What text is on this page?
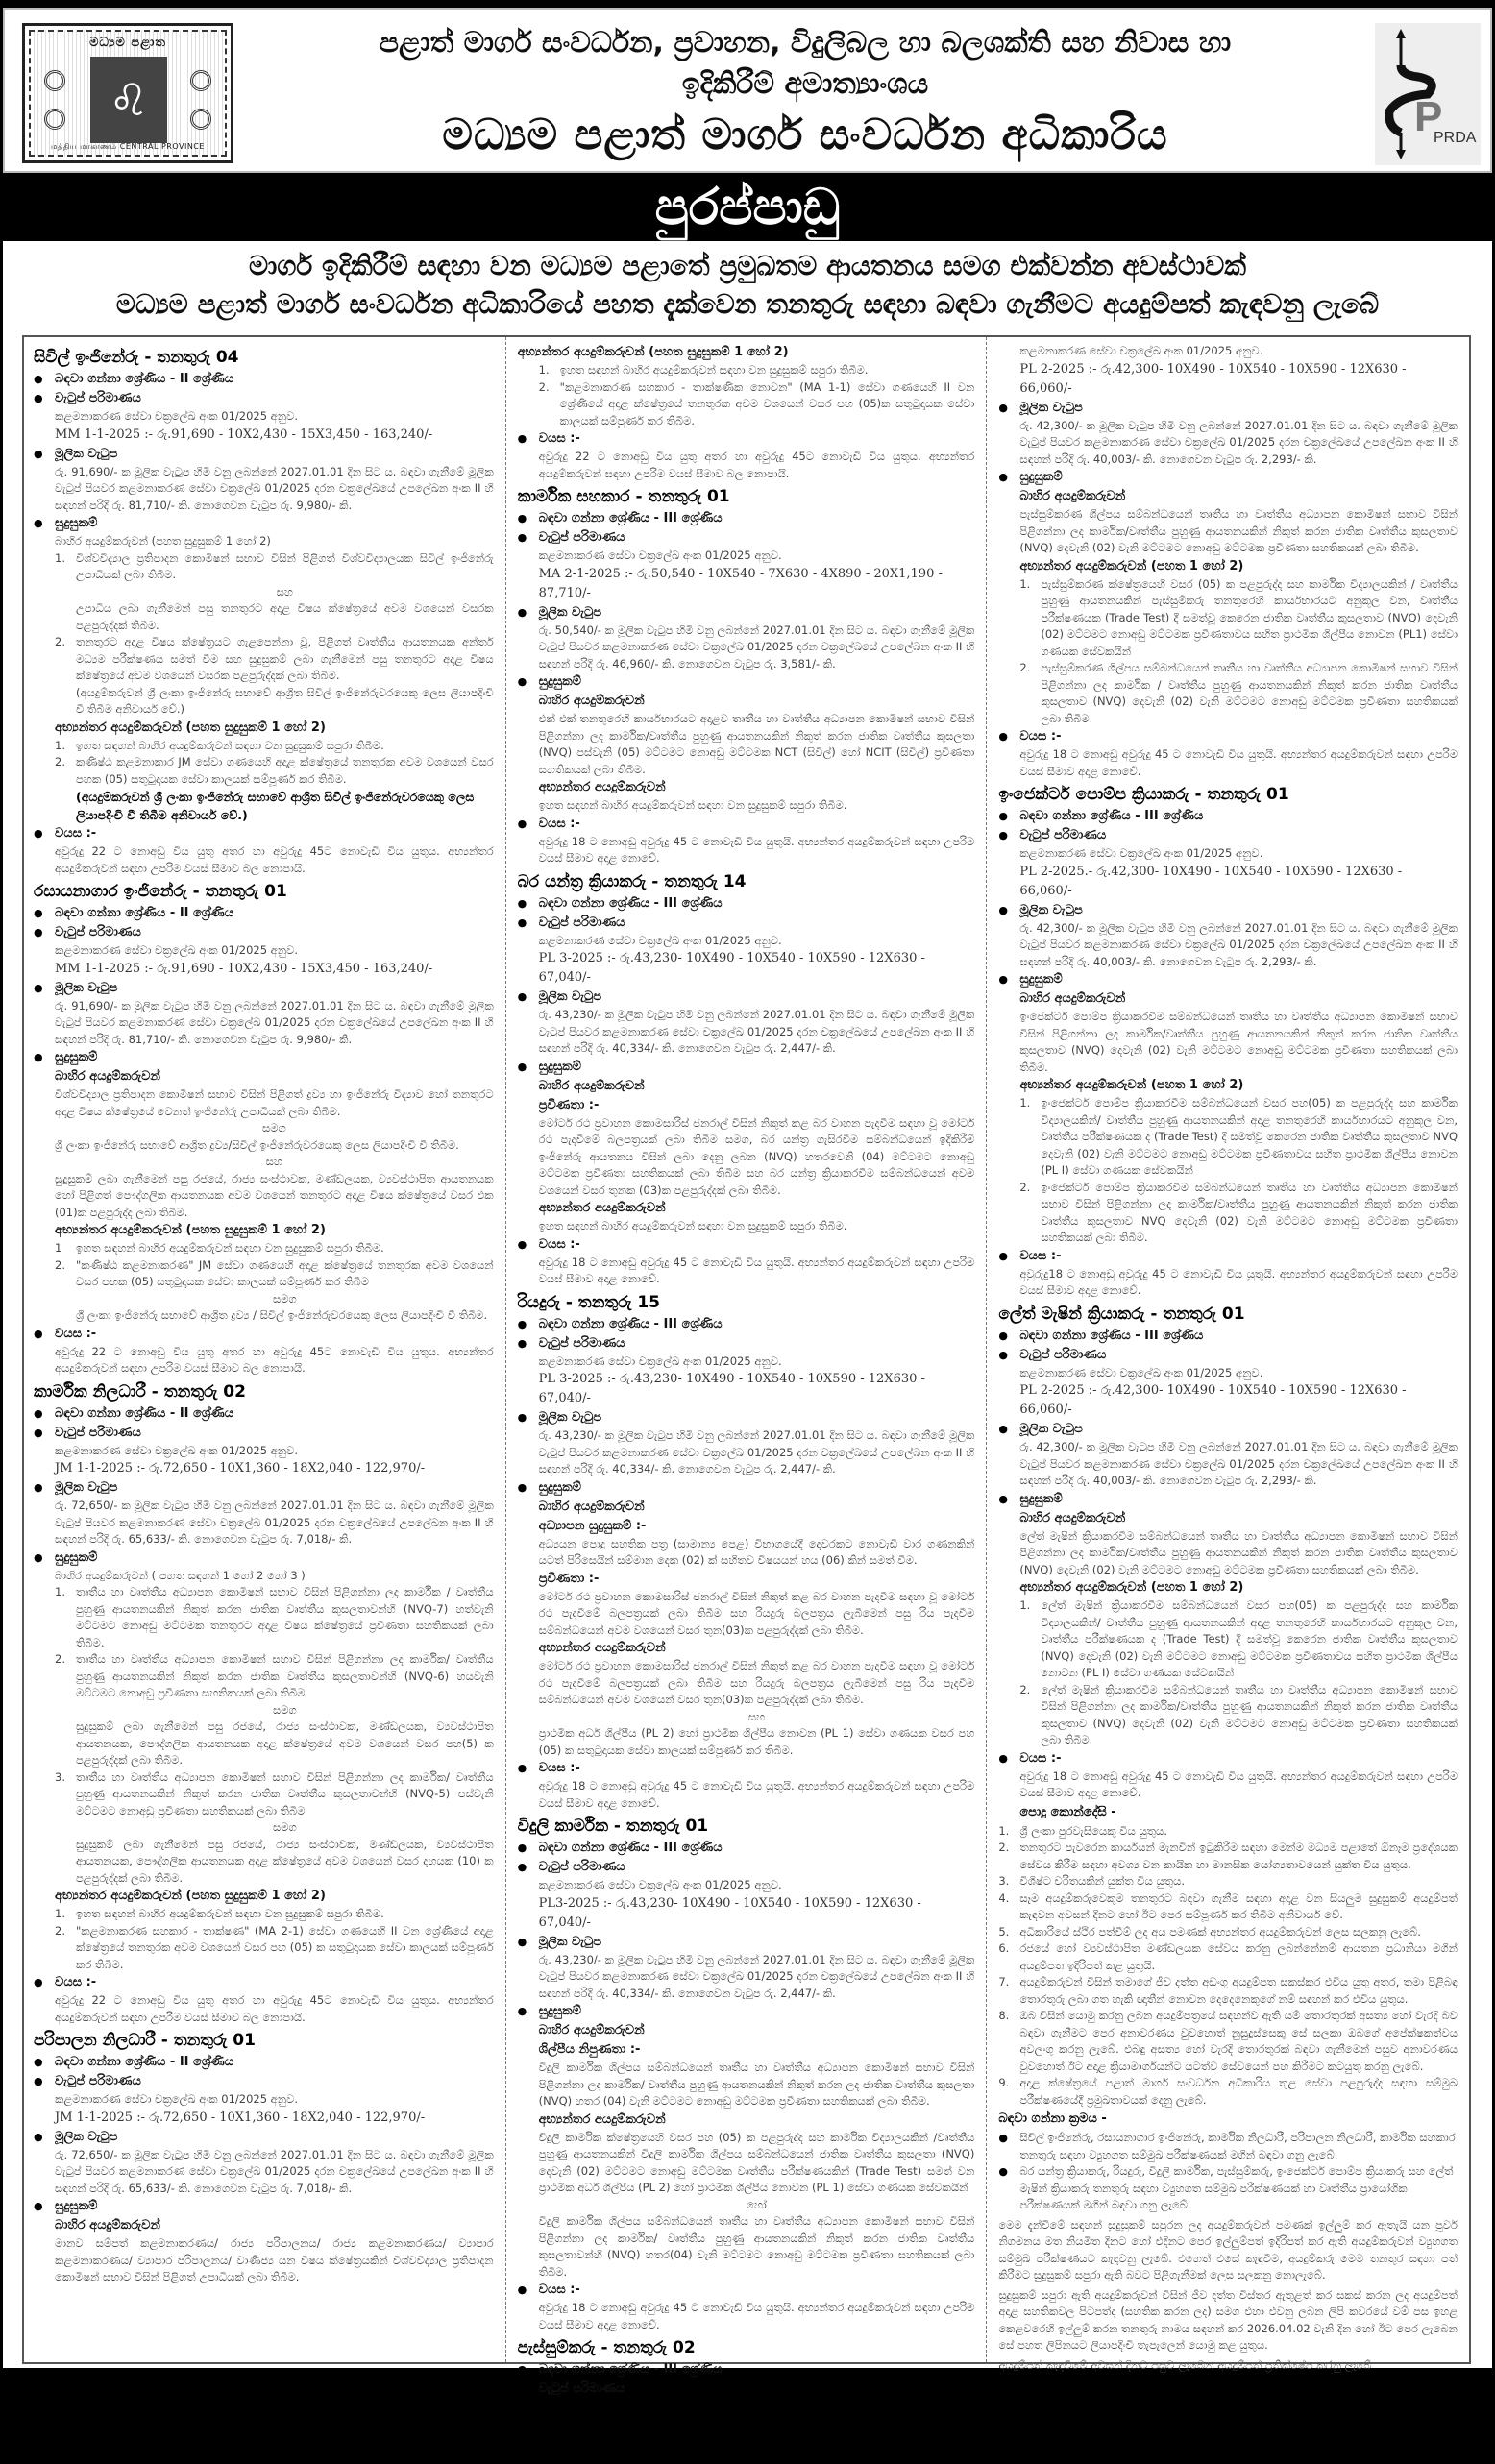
මධ්‍යම පළාත
♌
மத்திய மாகாணம் CENTRAL PROVINCE
පළාත් මාර්ග සංවර්ධන, ප්‍රවාහන, විදුලිබල හා බලශක්ති සහ නිවාස හා
ඉදිකිරීම් අමාත්‍යාංශය
මධ්‍යම පළාත් මාර්ග සංවර්ධන අධිකාරිය	P
PRDA
පුරප්පාඩු
මාර්ග ඉදිකිරීම් සඳහා වන මධ්‍යම පළාතේ ප්‍රමුඛතම ආයතනය සමග එක්වන්න අවස්ථාවක්
මධ්‍යම පළාත් මාර්ග සංවර්ධන අධිකාරියේ පහත දැක්වෙන තනතුරු සඳහා බඳවා ගැනීමට අයදුම්පත් කැඳවනු ලැබේ
සිවිල් ඉංජිනේරු - තනතුරු 04
● බඳවා ගන්නා ශ්‍රේණිය - II ශ්‍රේණිය
● වැටුප් පරිමාණය
කළමනාකරණ සේවා චක්‍රලේඛ අංක 01/2025 අනුව.
MM 1-1-2025 :- රු.91,690 - 10X2,430 - 15X3,450 - 163,240/-
● මූලික වැටුප
රු. 91,690/- ක මූලික වැටුප හිමි වනු ලබන්නේ 2027.01.01 දින සිට ය. බඳවා ගැනීමේ මූලික වැටුප් පියවර කළමනාකරණ සේවා චක්‍රලේඛ 01/2025 දරන චක්‍රලේඛයේ උපලේඛන අංක II හි සඳහන් පරිදි රු. 81,710/- කි. නොගෙවන වැටුප රු. 9,980/- කි.
● සුදුසුකම්
බාහිර අයදුම්කරුවන් (පහත සුදුසුකම් 1 හෝ 2)
1. විශ්වවිද්‍යාල ප්‍රතිපාදන කොමිෂන් සභාව විසින් පිළිගත් විශ්වවිද්‍යාලයක සිවිල් ඉංජිනේරු උපාධියක් ලබා තිබීම.
සහ
උපාධිය ලබා ගැනීමෙන් පසු තනතුරට අදාළ විෂය ක්ෂේත්‍රයේ අවම වශයෙන් වසරක පළපුරුද්දක් තිබීම.
2. තනතුරට අදාළ විෂය ක්ෂේත්‍රයට ගැළපෙන්නා වූ, පිළිගත් වෘත්තීය ආයතනයක අන්තර් මධ්‍යම පරීක්ෂණය සමත් වීම සහ සුදුසුකම් ලබා ගැනීමෙන් පසු තනතුරට අදාළ විෂය ක්ෂේත්‍රයේ අවම වශයෙන් වසරක පළපුරුද්දක් ලබා තිබීම.
(අයදුම්කරුවන් ශ්‍රී ලංකා ඉංජිනේරු සභාවේ ආශ්‍රිත සිවිල් ඉංජිනේරුවරයෙකු ලෙස ලියාපදිංචි වී තිබීම අනිවාර්ය වේ.)
අභ්‍යන්තර අයදුම්කරුවන් (පහත සුදුසුකම් 1 හෝ 2)
1. ඉහත සඳහන් බාහිර අයදුම්කරුවන් සඳහා වන සුදුසුකම් සපුරා තිබීම.
2. කණිෂ්ඨ කළමනාකාර JM සේවා ගණයෙහි අදාළ ක්ෂේත්‍රයේ තනතුරක අවම වශයෙන් වසර පහක (05) සතුටුදායක සේවා කාලයක් සම්පූර්ණ කර තිබීම.
(අයදුම්කරුවන් ශ්‍රී ලංකා ඉංජිනේරු සභාවේ ආශ්‍රිත සිවිල් ඉංජිනේරුවරයෙකු ලෙස ලියාපදිංචි වී තිබීම අනිවාර්ය වේ.)
● වයස :-
අවුරුදු 22 ට නොඅඩු විය යුතු අතර හා අවුරුදු 45ට නොවැඩි විය යුතුය. අභ්‍යන්තර අයදුම්කරුවන් සඳහා උපරිම වයස් සීමාව බල නොපායි.
රසායනාගාර ඉංජිනේරු - තනතුරු 01
● බඳවා ගන්නා ශ්‍රේණිය - II ශ්‍රේණිය
● වැටුප් පරිමාණය
කළමනාකරණ සේවා චක්‍රලේඛ අංක 01/2025 අනුව.
MM 1-1-2025 :- රු.91,690 - 10X2,430 - 15X3,450 - 163,240/-
● මූලික වැටුප
රු. 91,690/- ක මූලික වැටුප හිමි වනු ලබන්නේ 2027.01.01 දින සිට ය. බඳවා ගැනීමේ මූලික වැටුප් පියවර කළමනාකරණ සේවා චක්‍රලේඛ 01/2025 දරන චක්‍රලේඛයේ උපලේඛන අංක II හි සඳහන් පරිදි රු. 81,710/- කි. නොගෙවන වැටුප රු. 9,980/- කි.
● සුදුසුකම්
බාහිර අයදුම්කරුවන්
විශ්වවිද්‍යාල ප්‍රතිපාදන කොමිෂන් සභාව විසින් පිළිගත් ද්‍රව්‍ය හා ඉංජිනේරු විද්‍යාව හෝ තනතුරට අදාළ විෂය ක්ෂේත්‍රයේ වෙනත් ඉංජිනේරු උපාධියක් ලබා තිබීම.
සමග
ශ්‍රී ලංකා ඉංජිනේරු සභාවේ ආශ්‍රිත ද්‍රව්‍ය/සිවිල් ඉංජිනේරුවරයෙකු ලෙස ලියාපදිංචි වී තිබීම.
සහ
සුදුසුකම් ලබා ගැනීමෙන් පසු රජයේ, රාජ්‍ය සංස්ථාවක, මණ්ඩලයක, ව්‍යවස්ථාපිත ආයතනයක හෝ පිළිගත් පෞද්ගලික ආයතනයක අවම වශයෙන් තනතුරට අදාළ විෂය ක්ෂේත්‍රයේ වසර එක (01)ක පළපුරුද්ද ලබා තිබීම.
අභ්‍යන්තර අයදුම්කරුවන් (පහත සුදුසුකම් 1 හෝ 2)
1 ඉහත සඳහන් බාහිර අයදුම්කරුවන් සඳහා වන සුදුසුකම් සපුරා තිබීම.
2. "කණිෂ්ඨ කළමනාකරණ" JM සේවා ගණයෙහි අදාළ ක්ෂේත්‍රයේ තනතුරක අවම වශයෙන් වසර පහක (05) සතුටුදායක සේවා කාලයක් සම්පූර්ණ කර තිබීම
සමග
ශ්‍රී ලංකා ඉංජිනේරු සභාවේ ආශ්‍රිත ද්‍රව්‍ය / සිවිල් ඉංජිනේරුවරයෙකු ලෙස ලියාපදිංචි වී තිබීම.
● වයස :-
අවුරුදු 22 ට නොඅඩු විය යුතු අතර හා අවුරුදු 45ට නොවැඩි විය යුතුය. අභ්‍යන්තර අයදුම්කරුවන් සඳහා උපරිම වයස් සීමාව බල නොපායි.
කාර්මික නිලධාරී - තනතුරු 02
● බඳවා ගන්නා ශ්‍රේණිය - II ශ්‍රේණිය
● වැටුප් පරිමාණය
කළමනාකරණ සේවා චක්‍රලේඛ අංක 01/2025 අනුව.
JM 1-1-2025 :- රු.72,650 - 10X1,360 - 18X2,040 - 122,970/-
● මූලික වැටුප
රු. 72,650/- ක මූලික වැටුප හිමි වනු ලබන්නේ 2027.01.01 දින සිට ය. බඳවා ගැනීමේ මූලික වැටුප් පියවර කළමනාකරණ සේවා චක්‍රලේඛ 01/2025 දරන චක්‍රලේඛයේ උපලේඛන අංක II හි සඳහන් පරිදි රු. 65,633/- කි. නොගෙවන වැටුප රු. 7,018/- කි.
● සුදුසුකම්
බාහිර අයදුම්කරුවන් ( පහත සඳහන් 1 හෝ 2 හෝ 3 )
1. තෘතීය හා වෘත්තීය අධ්‍යාපන කොමිෂන් සභාව විසින් පිළිගන්නා ලද කාර්මික / වෘත්තීය පුහුණු ආයතනයකින් නිකුත් කරන ජාතික වෘත්තීය කුසලතාවන්හි (NVQ-7) හත්වැනි මට්ටමට නොඅඩු මට්ටමක තනතුරට අදාළ විෂය ක්ෂේත්‍රයේ ප්‍රවීණතා සහතිකයක් ලබා තිබීම.
2. තෘතීය හා වෘත්තීය අධ්‍යාපන කොමිෂන් සභාව විසින් පිළිගන්නා ලද කාර්මික/ වෘත්තීය පුහුණු ආයතනයකින් නිකුත් කරන ජාතික වෘත්තීය කුසලතාවන්හි (NVQ-6) හයවැනි මට්ටමට නොඅඩු ප්‍රවීණතා සහතිකයක් ලබා තිබීම
සමග
සුදුසුකම් ලබා ගැනීමෙන් පසු රජයේ, රාජ්‍ය සංස්ථාවක, මණ්ඩලයක, ව්‍යවස්ථාපිත ආයතනයක, පෞද්ගලික ආයතනයක අදාළ ක්ෂේත්‍රයේ අවම වශයෙන් වසර පහ(5) ක පළපුරුද්දක් ලබා තිබීම.
3. තෘතීය හා වෘත්තීය අධ්‍යාපන කොමිෂන් සභාව විසින් පිළිගන්නා ලද කාර්මික/ වෘත්තීය පුහුණු ආයතනයකින් නිකුත් කරන ජාතික වෘත්තීය කුසලතාවන්හි (NVQ-5) පස්වැනි මට්ටමට නොඅඩු ප්‍රවීණතා සහතිකයක් ලබා තිබීම
සමග
සුදුසුකම් ලබා ගැනීමෙන් පසු රජයේ, රාජ්‍ය සංස්ථාවක, මණ්ඩලයක, ව්‍යවස්ථාපිත ආයතනයක, පෞද්ගලික ආයතනයක අදාළ ක්ෂේත්‍රයේ අවම වශයෙන් වසර දහයක (10) ක පළපුරුද්දක් ලබා තිබීම.
අභ්‍යන්තර අයදුම්කරුවන් (පහත සුදුසුකම් 1 හෝ 2)
1. ඉහත සඳහන් බාහිර අයදුම්කරුවන් සඳහා වන සුදුසුකම් සපුරා තිබීම.
2. "කළමනාකරණ සහකාර - තාක්ෂණ" (MA 2-1) සේවා ගණයෙහි II වන ශ්‍රේණියේ අදාළ ක්ෂේත්‍රයේ තනතුරක අවම වශයෙන් වසර පහ (05) ක සතුටුදායක සේවා කාලයක් සම්පූර්ණ කර තිබීම.
● වයස :-
අවුරුදු 22 ට නොඅඩු විය යුතු අතර හා අවුරුදු 45ට නොවැඩි විය යුතුය. අභ්‍යන්තර අයදුම්කරුවන් සඳහා උපරිම වයස් සීමාව බල නොපායි.
පරිපාලන නිලධාරී - තනතුරු 01
● බඳවා ගන්නා ශ්‍රේණිය - II ශ්‍රේණිය
● වැටුප් පරිමාණය
කළමනාකරණ සේවා චක්‍රලේඛ අංක 01/2025 අනුව.
JM 1-1-2025 :- රු.72,650 - 10X1,360 - 18X2,040 - 122,970/-
● මූලික වැටුප
රු. 72,650/- ක මූලික වැටුප හිමි වනු ලබන්නේ 2027.01.01 දින සිට ය. බඳවා ගැනීමේ මූලික වැටුප් පියවර කළමනාකරණ සේවා චක්‍රලේඛ 01/2025 දරන චක්‍රලේඛයේ උපලේඛන අංක II හි සඳහන් පරිදි රු. 65,633/- කි. නොගෙවන වැටුප රු. 7,018/- කි.
● සුදුසුකම්
බාහිර අයදුම්කරුවන්
මානව සම්පත් කළමනාකරණය/ රාජ්‍ය පරිපාලනය/ රාජ්‍ය කළමනාකරණය/ ව්‍යාපාර කළමනාකරණය/ ව්‍යාපාර පරිපාලනය/ වාණිජ්‍ය යන විෂය ක්ෂේත්‍රයකින් විශ්වවිද්‍යාල ප්‍රතිපාදන කොමිෂන් සභාව විසින් පිළිගත් උපාධියක් ලබා තිබීම.
අභ්‍යන්තර අයදුම්කරුවන් (පහත සුදුසුකම් 1 හෝ 2)
1. ඉහත සඳහන් බාහිර අයදුම්කරුවන් සඳහා වන සුදුසුකම් සපුරා තිබීම.
2. "කළමනාකරණ සහකාර - තාක්ෂණික නොවන" (MA 1-1) සේවා ගණයෙහි II වන ශ්‍රේණියේ අදාළ ක්ෂේත්‍රයේ තනතුරක අවම වශයෙන් වසර පහ (05)ක සතුටුදායක සේවා කාලයක් සම්පූර්ණ කර තිබීම.
● වයස :-
අවුරුදු 22 ට නොඅඩු විය යුතු අතර හා අවුරුදු 45ට නොවැඩි විය යුතුය. අභ්‍යන්තර අයදුම්කරුවන් සඳහා උපරිම වයස් සීමාව බල නොපායි.
කාර්මික සහකාර - තනතුරු 01
● බඳවා ගන්නා ශ්‍රේණිය - III ශ්‍රේණිය
● වැටුප් පරිමාණය
කළමනාකරණ සේවා චක්‍රලේඛ අංක 01/2025 අනුව.
MA 2-1-2025 :- රු.50,540 - 10X540 - 7X630 - 4X890 - 20X1,190 - 87,710/-
● මූලික වැටුප
රු. 50,540/- ක මූලික වැටුප හිමි වනු ලබන්නේ 2027.01.01 දින සිට ය. බඳවා ගැනීමේ මූලික වැටුප් පියවර කළමනාකරණ සේවා චක්‍රලේඛ 01/2025 දරන චක්‍රලේඛයේ උපලේඛන අංක II හි සඳහන් පරිදි රු. 46,960/- කි. නොගෙවන වැටුප රු. 3,581/- කි.
● සුදුසුකම්
බාහිර අයදුම්කරුවන්
එක් එක් තනතුරෙහි කාර්යභාරයට අදාළව තෘතීය හා වෘත්තීය අධ්‍යාපන කොමිෂන් සභාව විසින් පිළිගන්නා ලද කාර්මික/වෘත්තීය පුහුණු ආයතනයකින් නිකුත් කරන ජාතික වෘත්තීය කුසලතා (NVQ) පස්වැනි (05) මට්ටමට නොඅඩු මට්ටමක NCT (සිවිල්) හෝ NCIT (සිවිල්) ප්‍රවීණතා සහතිකයක් ලබා තිබීම.
අභ්‍යන්තර අයදුම්කරුවන්
ඉහත සඳහන් බාහිර අයදුම්කරුවන් සඳහා වන සුදුසුකම් සපුරා තිබීම.
● වයස :-
අවුරුදු 18 ට නොඅඩු අවුරුදු 45 ට නොවැඩි විය යුතුයි. අභ්‍යන්තර අයදුම්කරුවන් සඳහා උපරිම වයස් සීමාව අදාළ නොවේ.
බර යන්ත්‍ර ක්‍රියාකරු - තනතුරු 14
● බඳවා ගන්නා ශ්‍රේණිය - III ශ්‍රේණිය
● වැටුප් පරිමාණය
කළමනාකරණ සේවා චක්‍රලේඛ අංක 01/2025 අනුව.
PL 3-2025 :- රු.43,230- 10X490 - 10X540 - 10X590 - 12X630 - 67,040/-
● මූලික වැටුප
රු. 43,230/- ක මූලික වැටුප හිමි වනු ලබන්නේ 2027.01.01 දින සිට ය. බඳවා ගැනීමේ මූලික වැටුප් පියවර කළමනාකරණ සේවා චක්‍රලේඛ 01/2025 දරන චක්‍රලේඛයේ උපලේඛන අංක II හි සඳහන් පරිදි රු. 40,334/- කි. නොගෙවන වැටුප රු. 2,447/- කි.
● සුදුසුකම්
බාහිර අයදුම්කරුවන්
ප්‍රවීණතා :-
මෝටර් රථ ප්‍රවාහන කොමසාරිස් ජනරාල් විසින් නිකුත් කළ බර වාහන පැදවීම සඳහා වූ මෝටර් රථ පැදවීමේ බලපත්‍රයක් ලබා තිබීම සමග, බර යන්ත්‍ර ගැසිරවීම සම්බන්ධයෙන් ඉදිකිරීම් ඉංජිනේරු ආයතනය විසින් ලබා දෙනු ලබන (NVQ) හතරවෙනි (04) මට්ටමට නොඅඩු මට්ටමක ප්‍රවීණතා සහතිකයක් ලබා තිබීම සහ බර යන්ත්‍ර ක්‍රියාකරවීම සම්බන්ධයෙන් අවම වශයෙන් වසර තුනක (03)ක පළපුරුද්දක් ලබා තිබීම.
අභ්‍යන්තර අයදුම්කරුවන්
ඉහත සඳහන් බාහිර අයදුම්කරුවන් සඳහා වන සුදුසුකම් සපුරා තිබීම.
● වයස :-
අවුරුදු 18 ට නොඅඩු අවුරුදු 45 ට නොවැඩි විය යුතුයි. අභ්‍යන්තර අයදුම්කරුවන් සඳහා උපරිම වයස් සීමාව අදාළ නොවේ.
රියදුරු - තනතුරු 15
● බඳවා ගන්නා ශ්‍රේණිය - III ශ්‍රේණිය
● වැටුප් පරිමාණය
කළමනාකරණ සේවා චක්‍රලේඛ අංක 01/2025 අනුව.
PL 3-2025 :- රු.43,230- 10X490 - 10X540 - 10X590 - 12X630 - 67,040/-
● මූලික වැටුප
රු. 43,230/- ක මූලික වැටුප හිමි වනු ලබන්නේ 2027.01.01 දින සිට ය. බඳවා ගැනීමේ මූලික වැටුප් පියවර කළමනාකරණ සේවා චක්‍රලේඛ 01/2025 දරන චක්‍රලේඛයේ උපලේඛන අංක II හි සඳහන් පරිදි රු. 40,334/- කි. නොගෙවන වැටුප රු. 2,447/- කි.
● සුදුසුකම්
බාහිර අයදුම්කරුවන්
අධ්‍යාපන සුදුසුකම් :-
අධ්‍යයන පොදු සහතික පත්‍ර (සාමාන්‍ය පෙළ) විභාගයේදී දෙවරකට නොවැඩි වාර ගණනකින් යටත් පිරිසෙයින් සම්මාන දෙක (02) ක් සහිතව විෂයයන් හය (06) කින් සමත් වීම.
ප්‍රවීණතා :-
මෝටර් රථ ප්‍රවාහන කොමසාරිස් ජනරාල් විසින් නිකුත් කළ බර වාහන පැදවීම සඳහා වූ මෝටර් රථ පැදවීමේ බලපත්‍රයක් ලබා තිබීම සහ රියදුරු බලපත්‍රය ලැබීමෙන් පසු රිය පැදවීම සම්බන්ධයෙන් අවම වශයෙන් වසර තුන(03)ක පළපුරුද්දක් ලබා තිබීම.
අභ්‍යන්තර අයදුම්කරුවන්
මෝටර් රථ ප්‍රවාහන කොමසාරිස් ජනරාල් විසින් නිකුත් කළ බර වාහන පැදවීම සඳහා වූ මෝටර් රථ පැදවීමේ බලපත්‍රයක් ලබා තිබීම සහ රියදුරු බලපත්‍රය ලැබීමෙන් පසු රිය පැදවීම සම්බන්ධයෙන් අවම වශයෙන් වසර තුන(03)ක පළපුරුද්දක් ලබා තිබීම.
සහ
ප්‍රාථමික අර්ධ ශිල්පීය (PL 2) හෝ ප්‍රාථමික ශිල්පීය නොවන (PL 1) සේවා ගණයක වසර පහ (05) ක සතුටුදායක සේවා කාලයක් සම්පූර්ණ කර තිබීම.
● වයස :-
අවුරුදු 18 ට නොඅඩු අවුරුදු 45 ට නොවැඩි විය යුතුයි. අභ්‍යන්තර අයදුම්කරුවන් සඳහා උපරිම වයස් සීමාව අදාළ නොවේ.
විදුලි කාර්මික - තනතුරු 01
● බඳවා ගන්නා ශ්‍රේණිය - III ශ්‍රේණිය
● වැටුප් පරිමාණය
කළමනාකරණ සේවා චක්‍රලේඛ අංක 01/2025 අනුව.
PL3-2025 :- රු.43,230- 10X490 - 10X540 - 10X590 - 12X630 - 67,040/-
● මූලික වැටුප
රු. 43,230/- ක මූලික වැටුප හිමි වනු ලබන්නේ 2027.01.01 දින සිට ය. බඳවා ගැනීමේ මූලික වැටුප් පියවර කළමනාකරණ සේවා චක්‍රලේඛ 01/2025 දරන චක්‍රලේඛයේ උපලේඛන අංක II හි සඳහන් පරිදි රු. 40,334/- කි. නොගෙවන වැටුප රු. 2,447/- කි.
● සුදුසුකම්
බාහිර අයදුම්කරුවන්
ශිල්පීය නිපුණතා :-
විදුලි කාර්මික ශිල්පය සම්බන්ධයෙන් තෘතීය හා වෘත්තීය අධ්‍යාපන කොමිෂන් සභාව විසින් පිළිගන්නා ලද කාර්මික/ වෘත්තීය පුහුණු ආයතනයකින් නිකුත් කරන ලද ජාතික වෘත්තීය කුසලතා (NVQ) හතර (04) වැනි මට්ටමට නොඅඩු මට්ටමක ප්‍රවීණතා සහතිකයක් ලබා තිබීම.
අභ්‍යන්තර අයදුම්කරුවන්
විදුලි කාර්මික ක්ෂේත්‍රයෙහි වසර පහ (05) ක පළපුරුද්ද සහ කාර්මික විද්‍යාලයකින් /වෘත්තීය පුහුණු ආයතනයකින් විදුලි කාර්මික ශිල්පය සම්බන්ධයෙන් ජාතික වෘත්තීය කුසලතා (NVQ) දෙවැනි (02) මට්ටමට නොඅඩු මට්ටමක වෘත්තීය පරීක්ෂණයකින් (Trade Test) සමත් වන ප්‍රාථමික අර්ධ ශිල්පීය (PL 2) හෝ ප්‍රාථමික ශිල්පීය නොවන (PL 1) සේවා ගණයක සේවකයින්
හෝ
විදුලි කාර්මික ශිල්පය සම්බන්ධයෙන් තෘතීය හා වෘත්තීය අධ්‍යාපන කොමිෂන් සභාව විසින් පිළිගන්නා ලද කාර්මික/ වෘත්තීය පුහුණු ආයතනයකින් නිකුත් කරන ජාතික වෘත්තීය කුසලතාවන්හි (NVQ) හතර(04) වැනි මට්ටමට නොඅඩු මට්ටමක ප්‍රවීණතා සහතිකයක් ලබා තිබීම.
● වයස :-
අවුරුදු 18 ට නොඅඩු අවුරුදු 45 ට නොවැඩි විය යුතුයි. අභ්‍යන්තර අයදුම්කරුවන් සඳහා උපරිම වයස් සීමාව අදාළ නොවේ.
පැස්සුම්කරු - තනතුරු 02
● බඳවා ගන්නා ශ්‍රේණිය - III ශ්‍රේණිය
● වැටුප් පරිමාණය
කළමනාකරණ සේවා චක්‍රලේඛ අංක 01/2025 අනුව.
PL 2-2025 :- රු.42,300- 10X490 - 10X540 - 10X590 - 12X630 - 66,060/-
● මූලික වැටුප
රු. 42,300/- ක මූලික වැටුප හිමි වනු ලබන්නේ 2027.01.01 දින සිට ය. බඳවා ගැනීමේ මූලික වැටුප් පියවර කළමනාකරණ සේවා චක්‍රලේඛ 01/2025 දරන චක්‍රලේඛයේ උපලේඛන අංක II හි සඳහන් පරිදි රු. 40,003/- කි. නොගෙවන වැටුප රු. 2,293/- කි.
● සුදුසුකම්
බාහිර අයදුම්කරුවන්
පැස්සුම්කරණ ශිල්පය සම්බන්ධයෙන් තෘතීය හා වෘත්තීය අධ්‍යාපන කොමිෂන් සභාව විසින් පිළිගන්නා ලද කාර්මික/වෘත්තීය පුහුණු ආයතනයකින් නිකුත් කරන ජාතික වෘත්තීය කුසලතාව (NVQ) දෙවැනි (02) වැනි මට්ටමට නොඅඩු මට්ටමක ප්‍රවීණතා සහතිකයක් ලබා තිබීම.
අභ්‍යන්තර අයදුම්කරුවන් (පහත 1 හෝ 2)
1. පැස්සුම්කරණ ක්ෂේත්‍රයෙහි වසර (05) ක පළපුරුද්ද සහ කාර්මික විද්‍යාලයකින් / වෘත්තීය පුහුණු ආයතනයකින් පැස්සුම්කරු තනතුරෙහි කාර්යභාරයට අනුකූල වන, වෘත්තීය පරීක්ෂණයක (Trade Test) දී සමත්වූ කෙරෙන ජාතික වෘත්තීය කුසලතාව (NVQ) දෙවැනි (02) මට්ටමට නොඅඩු මට්ටමක ප්‍රවීණතාවය සහිත ප්‍රාථමික ශිල්පීය නොවන (PL1) සේවා ගණයක සේවකයින්
2. පැස්සුම්කරණ ශිල්පය සම්බන්ධයෙන් තෘතීය හා වෘත්තීය අධ්‍යාපන කොමිෂන් සභාව විසින් පිළිගන්නා ලද කාර්මික / වෘත්තීය පුහුණු ආයතනයකින් නිකුත් කරන ජාතික වෘත්තීය කුසලතාව (NVQ) දෙවැනි (02) වැනි මට්ටමට නොඅඩු මට්ටමක ප්‍රවීණතා සහතිකයක් ලබා තිබීම.
● වයස :-
අවුරුදු 18 ට නොඅඩු අවුරුදු 45 ට නොවැඩි විය යුතුයි. අභ්‍යන්තර අයදුම්කරුවන් සඳහා උපරිම වයස් සීමාව අදාළ නොවේ.
ඉංජෙක්ටර් පොම්ප ක්‍රියාකරු - තනතුරු 01
● බඳවා ගන්නා ශ්‍රේණිය - III ශ්‍රේණිය
● වැටුප් පරිමාණය
කළමනාකරණ සේවා චක්‍රලේඛ අංක 01/2025 අනුව.
PL 2-2025.- රු.42,300- 10X490 - 10X540 - 10X590 - 12X630 - 66,060/-
● මූලික වැටුප
රු. 42,300/- ක මූලික වැටුප හිමි වනු ලබන්නේ 2027.01.01 දින සිට ය. බඳවා ගැනීමේ මූලික වැටුප් පියවර කළමනාකරණ සේවා චක්‍රලේඛ 01/2025 දරන චක්‍රලේඛයේ උපලේඛන අංක II හි සඳහන් පරිදි රු. 40,003/- කි. නොගෙවන වැටුප රු. 2,293/- කි.
● සුදුසුකම්
බාහිර අයදුම්කරුවන්
ඉංජෙක්ටර් පොම්ප ක්‍රියාකරවීම සම්බන්ධයෙන් තෘතීය හා වෘත්තීය අධ්‍යාපන කොමිෂන් සභාව විසින් පිළිගන්නා ලද කාර්මික/වෘත්තීය පුහුණු ආයතනයකින් නිකුත් කරන ජාතික වෘත්තීය කුසලතාව (NVQ) දෙවැනි (02) වැනි මට්ටමට නොඅඩු මට්ටමක ප්‍රවීණතා සහතිකයක් ලබා තිබීම.
අභ්‍යන්තර අයදුම්කරුවන් (පහත 1 හෝ 2)
1. ඉංජෙක්ටර් පොම්ප ක්‍රියාකරවීම සම්බන්ධයෙන් වසර පහ(05) ක පළපුරුද්ද සහ කාර්මික විද්‍යාලයකින්/ වෘත්තීය පුහුණු ආයතනයකින් අදාළ තනතුරෙහි කාර්යභාරයට අනුකූල වන, වෘත්තීය පරීක්ෂණයක ද (Trade Test) දී සමත්වූ කෙරෙන ජාතික වෘත්තීය කුසලතාව NVQ දෙවැනි (02) වැනි මට්ටමට නොඅඩු මට්ටමක ප්‍රවීණතාවය සහිත ප්‍රාථමික ශිල්පීය නොවන (PL I) සේවා ගණයක සේවකයින්
2. ඉංජෙක්ටර් පොම්ප ක්‍රියාකරවීම සම්බන්ධයෙන් තෘතීය හා වෘත්තීය අධ්‍යාපන කොමිෂන් සභාව විසින් පිළිගන්නා ලද කාර්මික/වෘත්තීය පුහුණු ආයතනයකින් නිකුත් කරන ජාතික වෘත්තීය කුසලතාව NVQ දෙවැනි (02) වැනි මට්ටමට නොඅඩු මට්ටමක ප්‍රවීණතා සහතිකයක් ලබා තිබීම.
● වයස :-
අවුරුදු18 ට නොඅඩු අවුරුදු 45 ට නොවැඩි විය යුතුයි. අභ්‍යන්තර අයදුම්කරුවන් සඳහා උපරිම වයස් සීමාව අදාළ නොවේ.
ලේත් මැෂින් ක්‍රියාකරු - තනතුරු 01
● බඳවා ගන්නා ශ්‍රේණිය - III ශ්‍රේණිය
● වැටුප් පරිමාණය
කළමනාකරණ සේවා චක්‍රලේඛ අංක 01/2025 අනුව.
PL 2-2025 :- රු.42,300- 10X490 - 10X540 - 10X590 - 12X630 - 66,060/-
● මූලික වැටුප
රු. 42,300/- ක මූලික වැටුප හිමි වනු ලබන්නේ 2027.01.01 දින සිට ය. බඳවා ගැනීමේ මූලික වැටුප් පියවර කළමනාකරණ සේවා චක්‍රලේඛ 01/2025 දරන චක්‍රලේඛයේ උපලේඛන අංක II හි සඳහන් පරිදි රු. 40,003/- කි. නොගෙවන වැටුප රු. 2,293/- කි.
● සුදුසුකම්
බාහිර අයදුම්කරුවන්
ලේත් මැෂින් ක්‍රියාකරවීම සම්බන්ධයෙන් තෘතීය හා වෘත්තීය අධ්‍යාපන කොමිෂන් සභාව විසින් පිළිගන්නා ලද කාර්මික/වෘත්තීය පුහුණු ආයතනයකින් නිකුත් කරන ජාතික වෘත්තීය කුසලතාව (NVQ) දෙවැනි (02) වැනි මට්ටමට නොඅඩු මට්ටමක ප්‍රවීණතා සහතිකයක් ලබා තිබීම.
අභ්‍යන්තර අයදුම්කරුවන් (පහත 1 හෝ 2)
1. ලේත් මැෂින් ක්‍රියාකරවීම සම්බන්ධයෙන් වසර පහ(05) ක පළපුරුද්ද සහ කාර්මික විද්‍යාලයකින්/ වෘත්තීය පුහුණු ආයතනයකින් අදාළ තනතුරෙහි කාර්යභාරයට අනුකූල වන, වෘත්තීය පරීක්ෂණයක ද (Trade Test) දී සමත්වූ කෙරෙන ජාතික වෘත්තීය කුසලතාව (NVQ) දෙවැනි (02) වැනි මට්ටමට නොඅඩු මට්ටමක ප්‍රවීණතාවය සහිත ප්‍රාථමික ශිල්පීය නොවන (PL I) සේවා ගණයක සේවකයින්
2. ලේත් මැෂින් ක්‍රියාකරවීම සම්බන්ධයෙන් තෘතීය හා වෘත්තීය අධ්‍යාපන කොමිෂන් සභාව විසින් පිළිගන්නා ලද කාර්මික/වෘත්තීය පුහුණු ආයතනයකින් නිකුත් කරන ජාතික වෘත්තීය කුසලතාව (NVQ) දෙවැනි (02) වැනි මට්ටමට නොඅඩු මට්ටමක ප්‍රවීණතා සහතිකයක් ලබා තිබීම.
● වයස :-
අවුරුදු 18 ට නොඅඩු අවුරුදු 45 ට නොවැඩි විය යුතුයි. අභ්‍යන්තර අයදුම්කරුවන් සඳහා උපරිම වයස් සීමාව අදාළ නොවේ.
පොදු කොන්දේසි -
1. ශ්‍රී ලංකා පුරවැසියෙකු විය යුතුය.
2. තනතුරට පැවරෙන කාර්යයන් මැනවින් ඉටුකිරීම සඳහා මෙන්ම මධ්‍යම පළාතේ ඕනෑම ප්‍රදේශයක සේවය කිරීම සඳහා අවශ්‍ය වන කායික හා මානසික යෝග්‍යතාවයෙන් යුක්ත විය යුතුය.
3. විශිෂ්ට චරිතයකින් යුක්ත විය යුතුය.
4. සෑම අයදුම්කරුවෙකුම තනතුරට බඳවා ගැනීම සඳහා අදාළ වන සියලුම සුදුසුකම් අයදුම්පත් කැඳවන අවසන් දිනට හෝ ඊට පෙර සම්පූර්ණ කර තිබීම අනිවාර්ය වේ.
5. අධිකාරියේ ස්ථිර පත්වීම් ලද අය පමණක් අභ්‍යන්තර අයදුම්කරුවන් ලෙස සලකනු ලැබේ.
6. රජයේ හෝ ව්‍යවස්ථාපිත මණ්ඩලයක සේවය කරනු ලබන්නේනම් ආයතන ප්‍රධානියා මගින් අයදුම්පත ඉදිරිපත් කළ යුතුයි.
7. අයදුම්කරුවන් විසින් තමාගේ ජීව දත්ත අඩංගු අයදුම්පත සකස්කර එවිය යුතු අතර, තමා පිළිබඳ තොරතුරු ලබා ගත හැකි ඥාතීන් නොවන දෙදෙනෙකුගේ නම් සඳහන් කර එවිය යුතුය.
8. ඔබ විසින් යොමු කරනු ලබන අයදුම්පත්‍රයේ සඳහන්ව ඇති යම් තොරතුරක් අසත්‍ය හෝ වැරදි බව බඳවා ගැනීමට පෙර අනාවරණය වුවහොත් නුසුදුස්සෙකු සේ සලකා ඔබගේ අපේක්ෂකත්වය අවලංගු කරනු ලැබේ. එබඳු අසත්‍ය හෝ වැරදි තොරතුරක් බඳවා ගැනීමෙන් පසුව අනාවරණය වුවහොත් ඊට අදාළ ක්‍රියාමාර්ගයන්ට යටත්ව සේවයෙන් පහ කිරීමට කටයුතු කරනු ලැබේ.
9. අදාළ ක්ෂේත්‍රයේ පළාත් මාර්ග සංවර්ධන අධිකාරිය තුළ සේවා පළපුරුද්ද සඳහා සම්මුඛ පරීක්ෂණයේදී ප්‍රමුඛතාවයක් දෙනු ලැබේ.
බඳවා ගන්නා ක්‍රමය -
● සිවිල් ඉංජිනේරු, රසායනාගාර ඉංජිනේරු, කාර්මික නිලධාරී, පරිපාලන නිලධාරී, කාර්මික සහකාර තනතුරු සඳහා ව්‍යුහගත සම්මුඛ පරීක්ෂණයක් මගින් බඳවා ගනු ලැබේ.
● බර යන්ත්‍ර ක්‍රියාකරු, රියදුරු, විදුලි කාර්මික, පැස්සුම්කරු, ඉංජෙක්ටර් පොම්ප ක්‍රියාකරු සහ ලේත් මැෂින් ක්‍රියාකරු තනතුරු සඳහා ව්‍යුහගත සම්මුඛ පරීක්ෂණයක් හා වෘත්තීය ප්‍රායෝගික පරීක්ෂණයක් මගින් බඳවා ගනු ලැබේ.
මෙම දැන්වීමේ සඳහන් සුදුසුකම් සපුරන ලද අයදුම්කරුවන් පමණක් ඉල්ලුම් කර ඇතැයි යන පූර්ව නිගමනය මත නියමිත දිනට හෝ එදිනට පෙර ඉල්ලුම්පත් ඉදිරිපත් කර ඇති අයදුම්කරුවන් ව්‍යුහගත සම්මුඛ පරීක්ෂණයට කැඳවනු ලැබේ. එහෙත් එසේ කැඳවීම, අයදුම්කරු මෙම තනතුර සඳහා පත් කිරීමට සුදුසුකම් සපුරා ඇති බවට පිළිගැනීමක් ලෙස සලකනු නොලැබේ.
සුදුසුකම් සපුරා ඇති අයදුම්කරුවන් විසින් ජීව දත්ත විස්තර ඇතුළත් කර සකස් කරන ලද අයදුම්පත් අදාළ සහතිකවල පිටපත්ද (සහතික කරන ලද) සමග එහා එවනු ලබන ලිපි කවරයේ වම් පස ඉහළ කෙළවරෙහි ඉල්ලුම් කරන තනතුරු නාමය සඳහන් කර 2026.04.02 වැනි දින හෝ ඊට පෙර ලැබෙන සේ පහත ලිපිනයට ලියාපදිංචි තැපැලෙන් යොමු කළ යුතුය.
අයදුම්පත් කැඳවීමේ අවසන් දිනට පසුව ලැබෙන අයදුම්පත් ප්‍රතික්ෂේප කරනු ලැබේ
පළාත් මාර්ග සංවර්ධන අධිකාරිය,
අංක 09, ඇහැලේපොළ කුමාරිහාමි මාවත, බෝගම්බර, මහනුවර. දුරකථන අංකය - 081-2204378
සාමාන්‍යාධිකාරී, පළාත් මාර්ග සංවර්ධන අධිකාරිය, මධ්‍යම පළාත.
